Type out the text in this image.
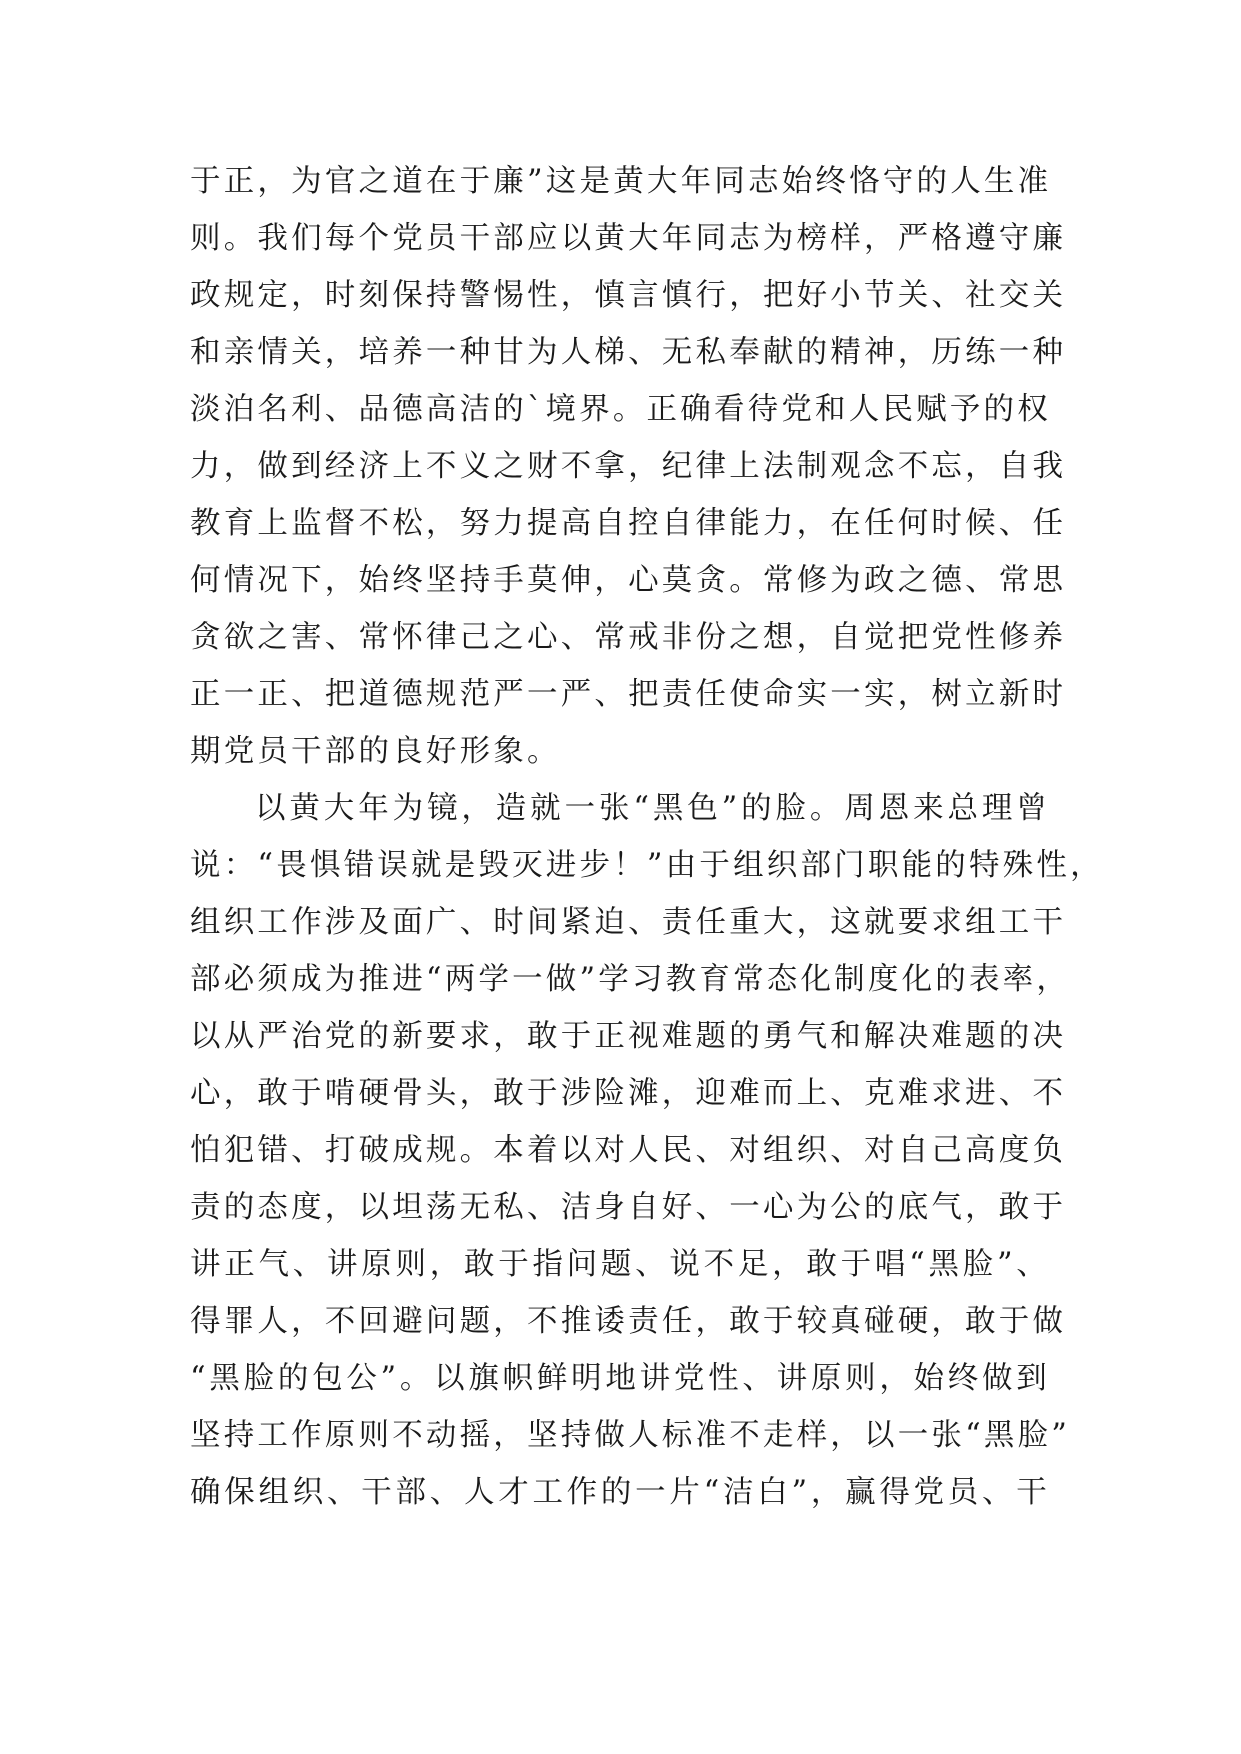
于正，为官之道在于廉”这是黄大年同志始终恪守的人生准
则。我们每个党员干部应以黄大年同志为榜样，严格遵守廉
政规定，时刻保持警惕性，慎言慎行，把好小节关、社交关
和亲情关，培养一种甘为人梯、无私奉献的精神，历练一种
淡泊名利、品德高洁的`境界。正确看待党和人民赋予的权
力，做到经济上不义之财不拿，纪律上法制观念不忘，自我
教育上监督不松，努力提高自控自律能力，在任何时候、任
何情况下，始终坚持手莫伸，心莫贪。常修为政之德、常思
贪欲之害、常怀律己之心、常戒非份之想，自觉把党性修养
正一正、把道德规范严一严、把责任使命实一实，树立新时
期党员干部的良好形象。
以黄大年为镜，造就一张“黑色”的脸。周恩来总理曾
说：“畏惧错误就是毁灭进步！”由于组织部门职能的特殊性，
组织工作涉及面广、时间紧迫、责任重大，这就要求组工干
部必须成为推进“两学一做”学习教育常态化制度化的表率，
以从严治党的新要求，敢于正视难题的勇气和解决难题的决
心，敢于啃硬骨头，敢于涉险滩，迎难而上、克难求进、不
怕犯错、打破成规。本着以对人民、对组织、对自己高度负
责的态度，以坦荡无私、洁身自好、一心为公的底气，敢于
讲正气、讲原则，敢于指问题、说不足，敢于唱“黑脸”、
得罪人，不回避问题，不推诿责任，敢于较真碰硬，敢于做
“黑脸的包公”。以旗帜鲜明地讲党性、讲原则，始终做到
坚持工作原则不动摇，坚持做人标准不走样，以一张“黑脸”
确保组织、干部、人才工作的一片“洁白”，赢得党员、干
